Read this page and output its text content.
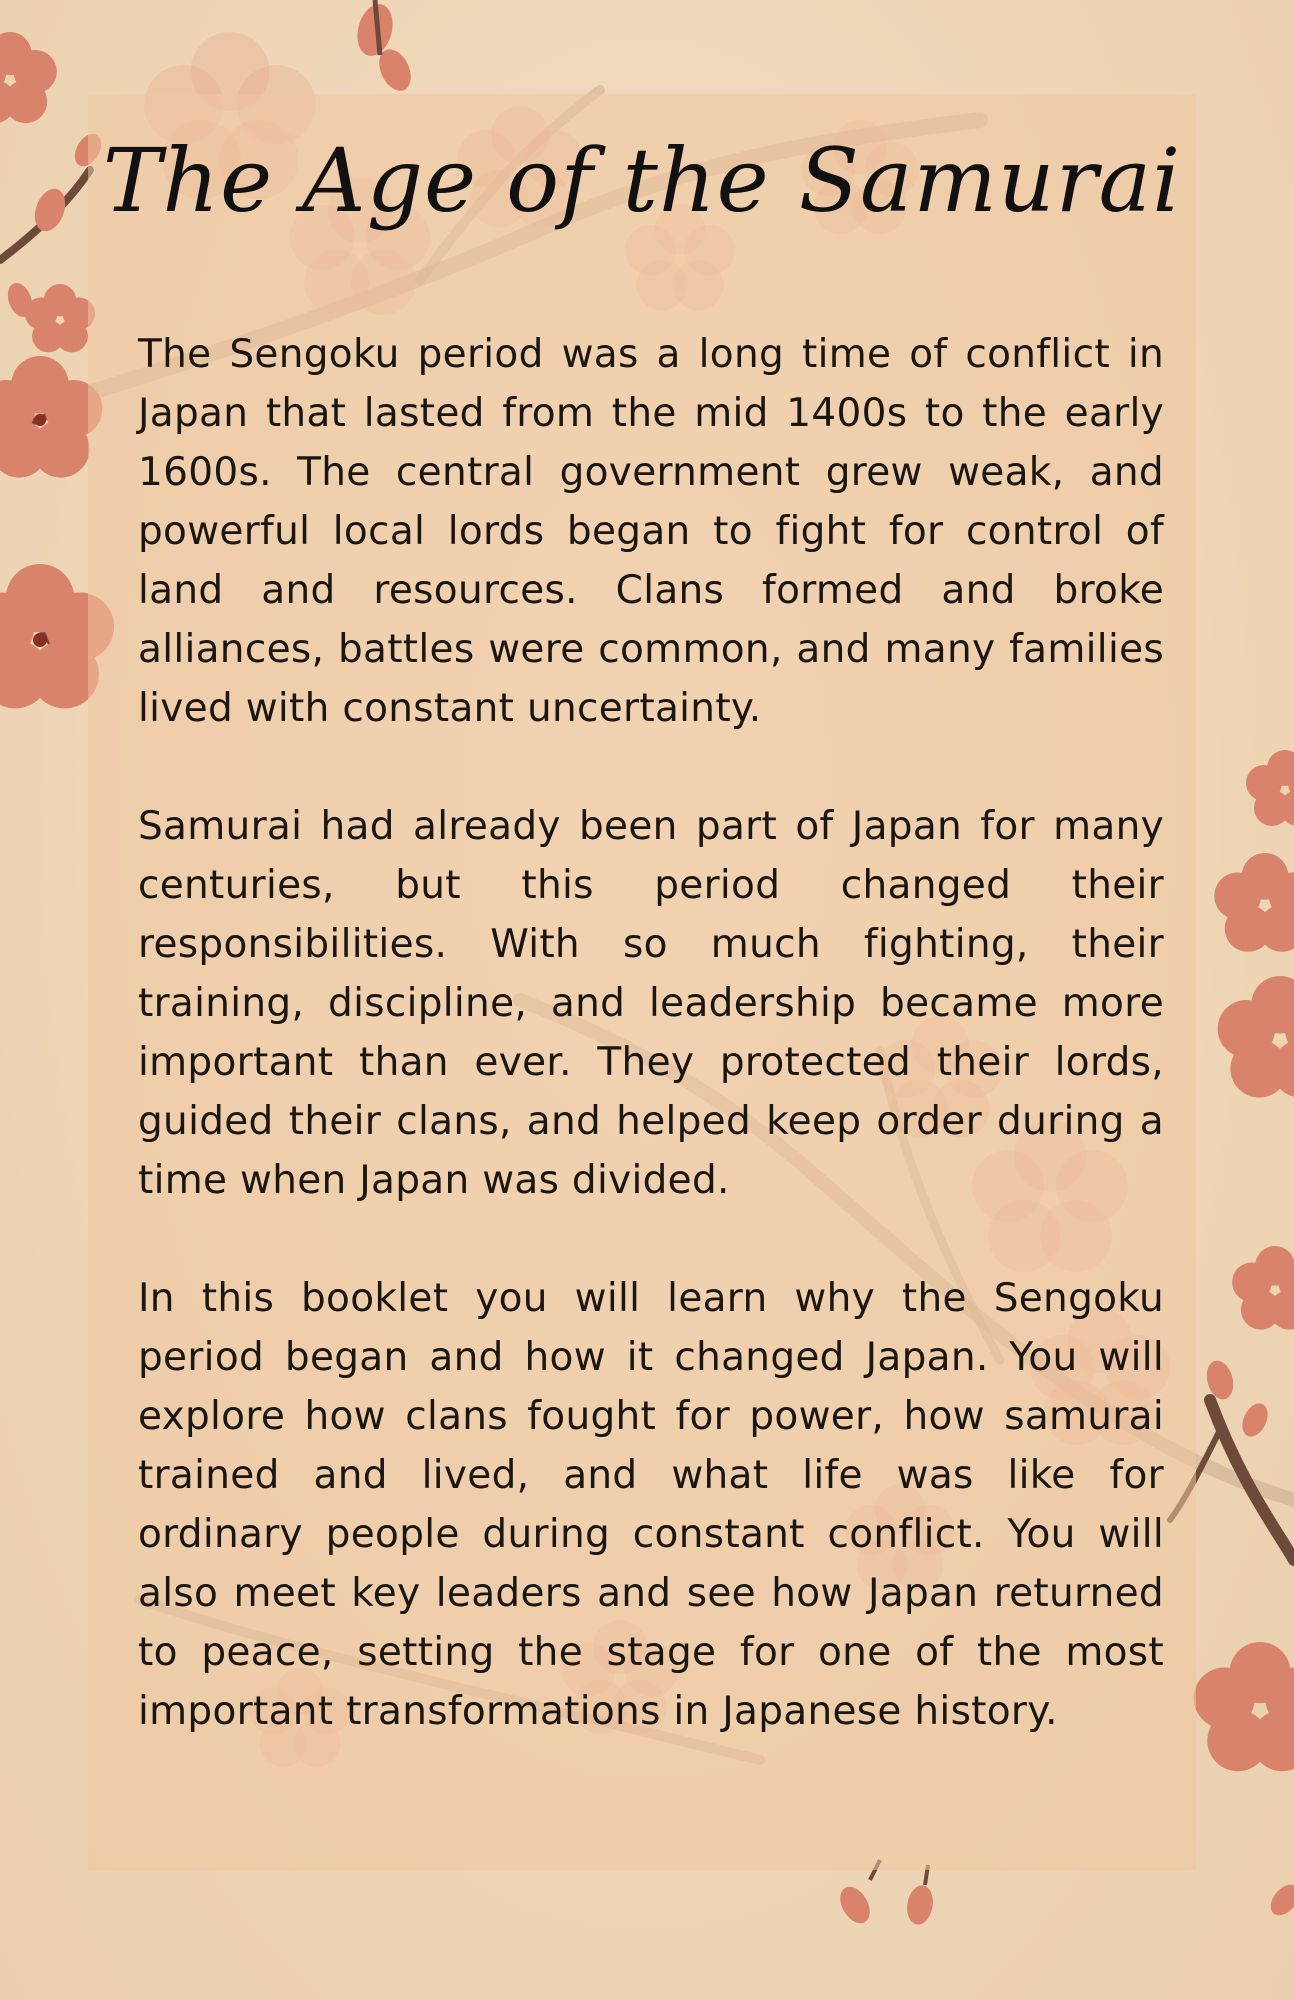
The Age of the Samurai

The Sengoku period was a long time of conflict in Japan that lasted from the mid 1400s to the early 1600s. The central government grew weak, and powerful local lords began to fight for control of land and resources. Clans formed and broke alliances, battles were common, and many families lived with constant uncertainty.

Samurai had already been part of Japan for many centuries, but this period changed their responsibilities. With so much fighting, their training, discipline, and leadership became more important than ever. They protected their lords, guided their clans, and helped keep order during a time when Japan was divided.

In this booklet you will learn why the Sengoku period began and how it changed Japan. You will explore how clans fought for power, how samurai trained and lived, and what life was like for ordinary people during constant conflict. You will also meet key leaders and see how Japan returned to peace, setting the stage for one of the most important transformations in Japanese history.
